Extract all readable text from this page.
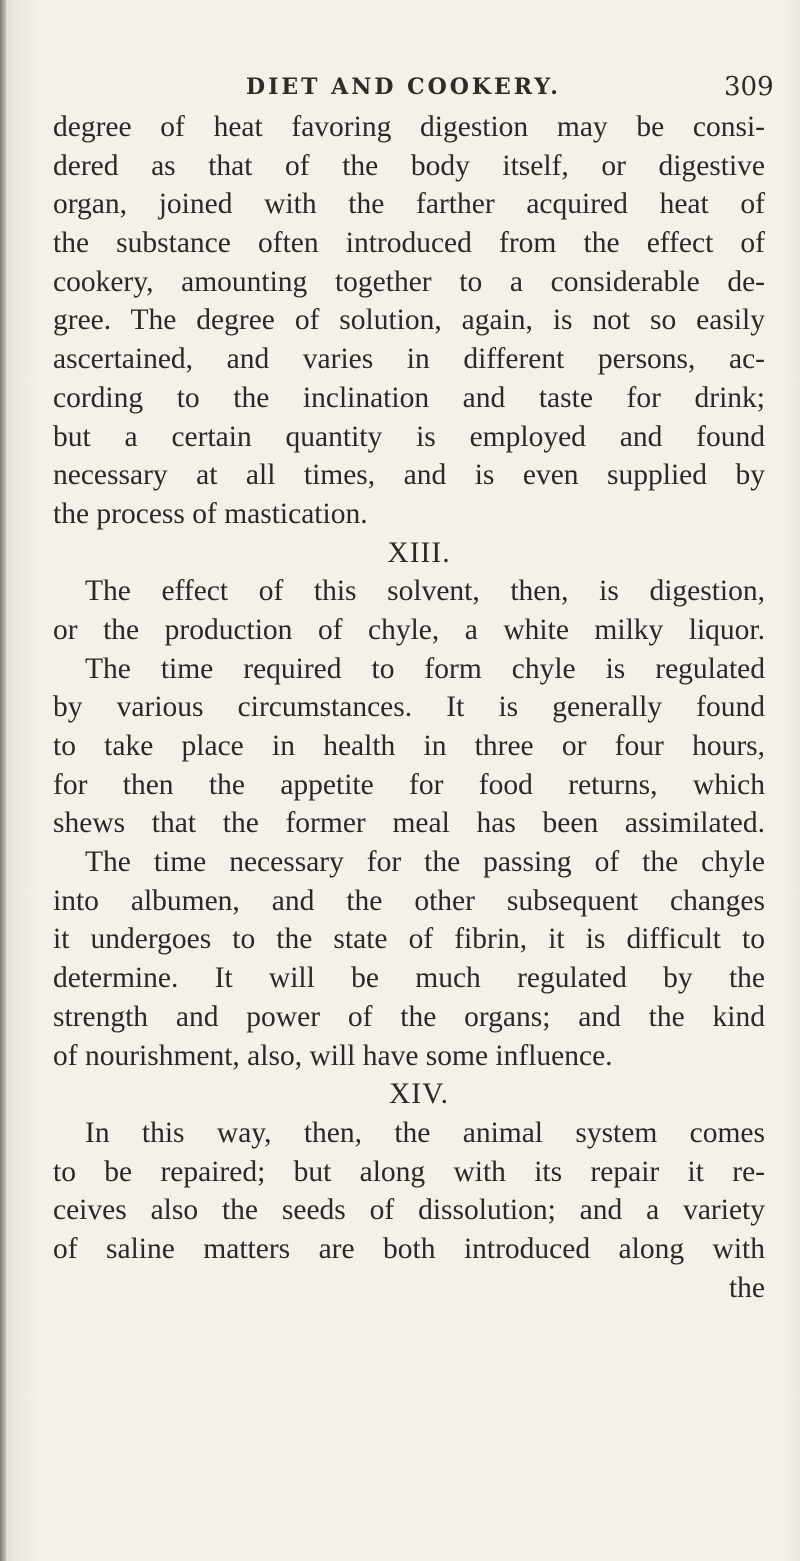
DIET AND COOKERY.	309
degree of heat favoring digestion may be consi-
dered as that of the body itself, or digestive
organ, joined with the farther acquired heat of
the substance often introduced from the effect of
cookery, amounting together to a considerable de-
gree. The degree of solution, again, is not so easily
ascertained, and varies in different persons, ac-
cording to the inclination and taste for drink;
but a certain quantity is employed and found
necessary at all times, and is even supplied by
the process of mastication.
XIII.
The effect of this solvent, then, is digestion,
or the production of chyle, a white milky liquor.
The time required to form chyle is regulated
by various circumstances. It is generally found
to take place in health in three or four hours,
for then the appetite for food returns, which
shews that the former meal has been assimilated.
The time necessary for the passing of the chyle
into albumen, and the other subsequent changes
it undergoes to the state of fibrin, it is difficult to
determine. It will be much regulated by the
strength and power of the organs; and the kind
of nourishment, also, will have some influence.
XIV.
In this way, then, the animal system comes
to be repaired; but along with its repair it re-
ceives also the seeds of dissolution; and a variety
of saline matters are both introduced along with
the
